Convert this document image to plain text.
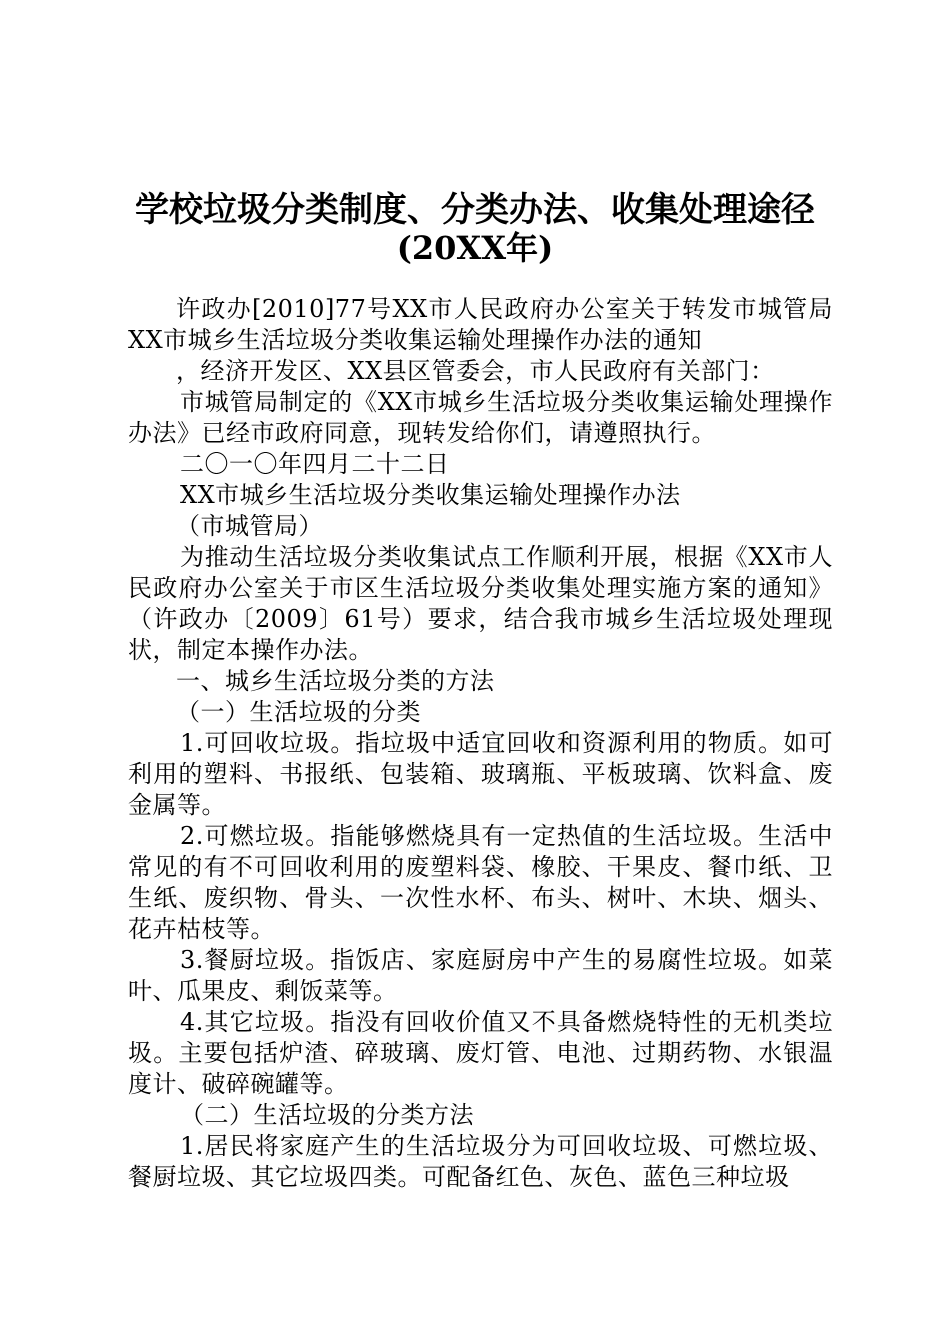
学校垃圾分类制度、分类办法、收集处理途径
(20XX年)

许政办[2010]77号XX市人民政府办公室关于转发市城管局XX市城乡生活垃圾分类收集运输处理操作办法的通知

，经济开发区、XX县区管委会，市人民政府有关部门：

市城管局制定的《XX市城乡生活垃圾分类收集运输处理操作办法》已经市政府同意，现转发给你们，请遵照执行。

二〇一〇年四月二十二日

XX市城乡生活垃圾分类收集运输处理操作办法

（市城管局）

为推动生活垃圾分类收集试点工作顺利开展，根据《XX市人民政府办公室关于市区生活垃圾分类收集处理实施方案的通知》（许政办〔2009〕61号）要求，结合我市城乡生活垃圾处理现状，制定本操作办法。

一、城乡生活垃圾分类的方法

（一）生活垃圾的分类

1.可回收垃圾。指垃圾中适宜回收和资源利用的物质。如可利用的塑料、书报纸、包装箱、玻璃瓶、平板玻璃、饮料盒、废金属等。

2.可燃垃圾。指能够燃烧具有一定热值的生活垃圾。生活中常见的有不可回收利用的废塑料袋、橡胶、干果皮、餐巾纸、卫生纸、废织物、骨头、一次性水杯、布头、树叶、木块、烟头、花卉枯枝等。

3.餐厨垃圾。指饭店、家庭厨房中产生的易腐性垃圾。如菜叶、瓜果皮、剩饭菜等。

4.其它垃圾。指没有回收价值又不具备燃烧特性的无机类垃圾。主要包括炉渣、碎玻璃、废灯管、电池、过期药物、水银温度计、破碎碗罐等。

（二）生活垃圾的分类方法

1.居民将家庭产生的生活垃圾分为可回收垃圾、可燃垃圾、餐厨垃圾、其它垃圾四类。可配备红色、灰色、蓝色三种垃圾
